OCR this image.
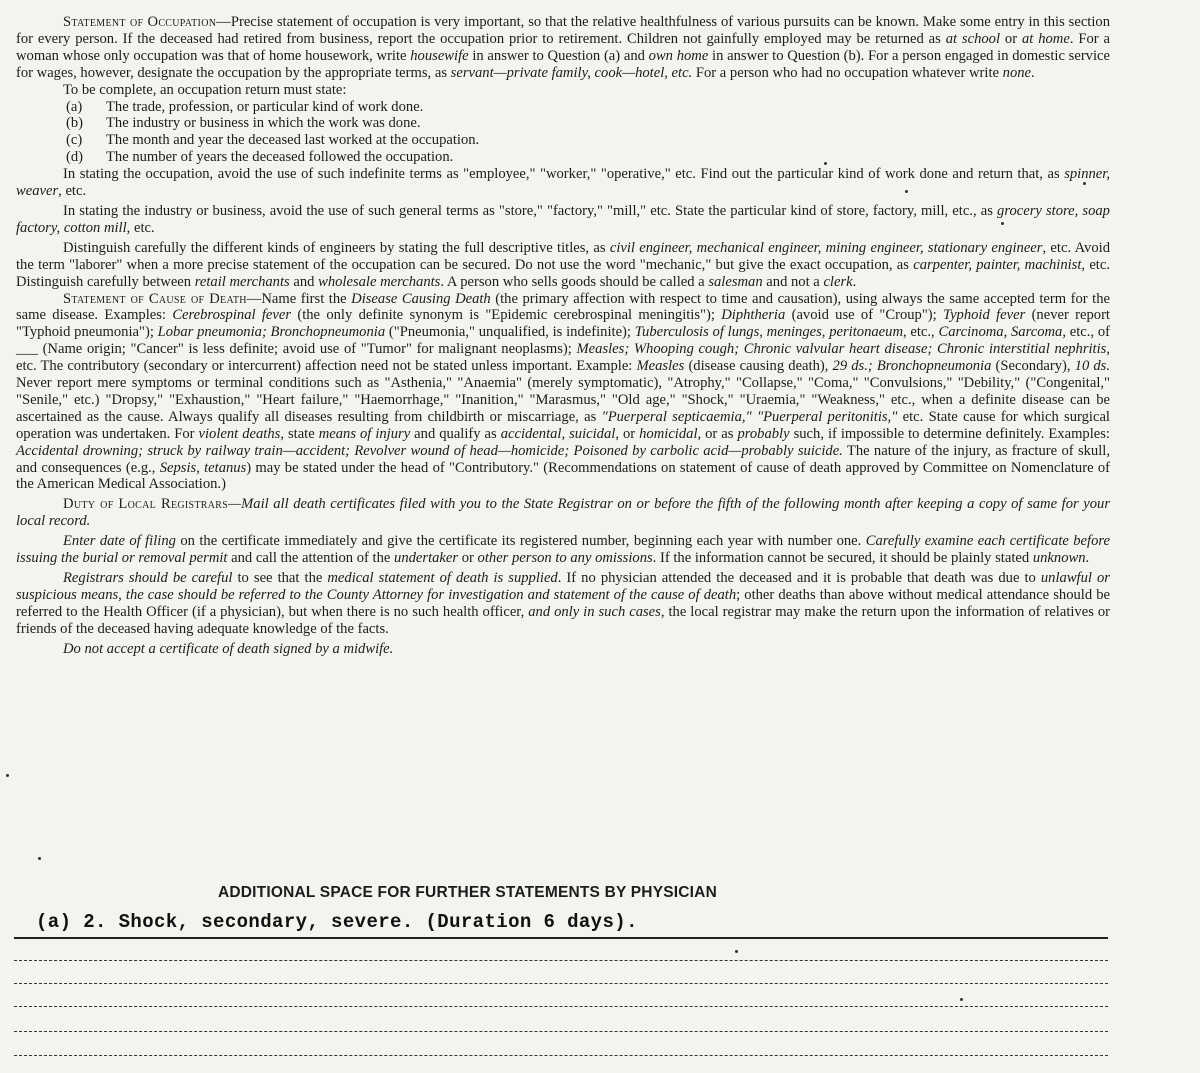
Statement of Occupation—Precise statement of occupation is very important, so that the relative healthfulness of various pursuits can be known. Make some entry in this section for every person. If the deceased had retired from business, report the occupation prior to retirement. Children not gainfully employed may be returned as at school or at home. For a woman whose only occupation was that of home housework, write housewife in answer to Question (a) and own home in answer to Question (b). For a person engaged in domestic service for wages, however, designate the occupation by the appropriate terms, as servant—private family, cook—hotel, etc. For a person who had no occupation whatever write none.

To be complete, an occupation return must state:

(a) The trade, profession, or particular kind of work done.
(b) The industry or business in which the work was done.
(c) The month and year the deceased last worked at the occupation.
(d) The number of years the deceased followed the occupation.

In stating the occupation, avoid the use of such indefinite terms as "employee," "worker," "operative," etc. Find out the particular kind of work done and return that, as spinner, weaver, etc.

In stating the industry or business, avoid the use of such general terms as "store," "factory," "mill," etc. State the particular kind of store, factory, mill, etc., as grocery store, soap factory, cotton mill, etc.

Distinguish carefully the different kinds of engineers by stating the full descriptive titles, as civil engineer, mechanical engineer, mining engineer, stationary engineer, etc. Avoid the term "laborer" when a more precise statement of the occupation can be secured. Do not use the word "mechanic," but give the exact occupation, as carpenter, painter, machinist, etc. Distinguish carefully between retail merchants and wholesale merchants. A person who sells goods should be called a salesman and not a clerk.

Statement of Cause of Death—Name first the Disease Causing Death (the primary affection with respect to time and causation), using always the same accepted term for the same disease. Examples: Cerebrospinal fever (the only definite synonym is "Epidemic cerebrospinal meningitis"); Diphtheria (avoid use of "Croup"); Typhoid fever (never report "Typhoid pneumonia"); Lobar pneumonia; Bronchopneumonia ("Pneumonia," unqualified, is indefinite); Tuberculosis of lungs, meninges, peritonaeum, etc., Carcinoma, Sarcoma, etc., of ___ (Name origin; "Cancer" is less definite; avoid use of "Tumor" for malignant neoplasms); Measles; Whooping cough; Chronic valvular heart disease; Chronic interstitial nephritis, etc. The contributory (secondary or intercurrent) affection need not be stated unless important. Example: Measles (disease causing death), 29 ds.; Bronchopneumonia (Secondary), 10 ds. Never report mere symptoms or terminal conditions such as "Asthenia," "Anaemia" (merely symptomatic), "Atrophy," "Collapse," "Coma," "Convulsions," "Debility," ("Congenital," "Senile," etc.) "Dropsy," "Exhaustion," "Heart failure," "Haemorrhage," "Inanition," "Marasmus," "Old age," "Shock," "Uraemia," "Weakness," etc., when a definite disease can be ascertained as the cause. Always qualify all diseases resulting from childbirth or miscarriage, as "Puerperal septicaemia," "Puerperal peritonitis," etc. State cause for which surgical operation was undertaken. For violent deaths, state means of injury and qualify as accidental, suicidal, or homicidal, or as probably such, if impossible to determine definitely. Examples: Accidental drowning; struck by railway train—accident; Revolver wound of head—homicide; Poisoned by carbolic acid—probably suicide. The nature of the injury, as fracture of skull, and consequences (e.g., Sepsis, tetanus) may be stated under the head of "Contributory." (Recommendations on statement of cause of death approved by Committee on Nomenclature of the American Medical Association.)

Duty of Local Registrars—Mail all death certificates filed with you to the State Registrar on or before the fifth of the following month after keeping a copy of same for your local record.

Enter date of filing on the certificate immediately and give the certificate its registered number, beginning each year with number one. Carefully examine each certificate before issuing the burial or removal permit and call the attention of the undertaker or other person to any omissions. If the information cannot be secured, it should be plainly stated unknown.

Registrars should be careful to see that the medical statement of death is supplied. If no physician attended the deceased and it is probable that death was due to unlawful or suspicious means, the case should be referred to the County Attorney for investigation and statement of the cause of death; other deaths than above without medical attendance should be referred to the Health Officer (if a physician), but when there is no such health officer, and only in such cases, the local registrar may make the return upon the information of relatives or friends of the deceased having adequate knowledge of the facts.

Do not accept a certificate of death signed by a midwife.

ADDITIONAL SPACE FOR FURTHER STATEMENTS BY PHYSICIAN
(a) 2. Shock, secondary, severe. (Duration 6 days).
